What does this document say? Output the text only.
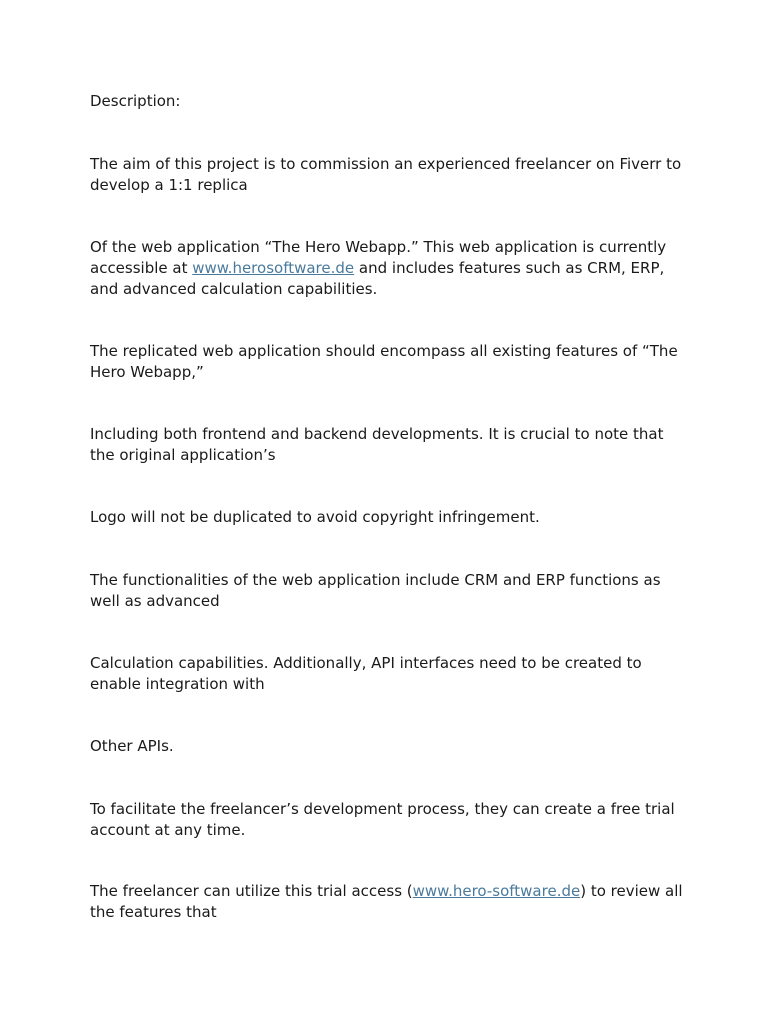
Description:

The aim of this project is to commission an experienced freelancer on Fiverr to develop a 1:1 replica

Of the web application “The Hero Webapp.” This web application is currently accessible at www.herosoftware.de and includes features such as CRM, ERP, and advanced calculation capabilities.

The replicated web application should encompass all existing features of “The Hero Webapp,”

Including both frontend and backend developments. It is crucial to note that the original application’s

Logo will not be duplicated to avoid copyright infringement.

The functionalities of the web application include CRM and ERP functions as well as advanced

Calculation capabilities. Additionally, API interfaces need to be created to enable integration with

Other APIs.

To facilitate the freelancer’s development process, they can create a free trial account at any time.

The freelancer can utilize this trial access (www.hero-software.de) to review all the features that
